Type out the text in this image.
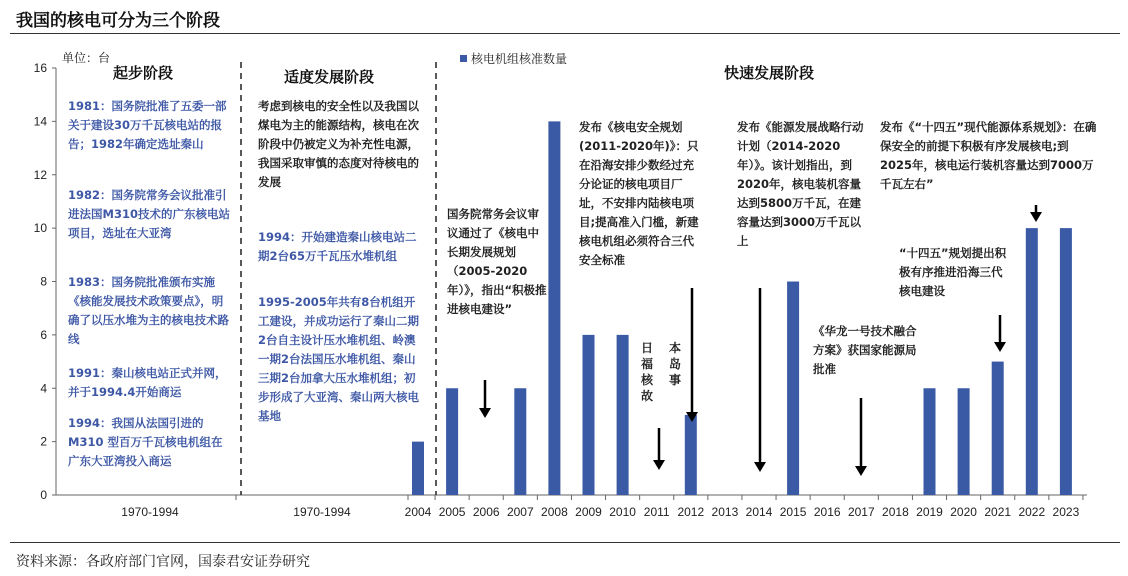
我国的核电可分为三个阶段
0
2
4
6
8
10
12
14
16
单位：台
1970-1994	1970-1994	2004 2005 2006 2007 2008 2009 2010 2011 2012 2013 2014 2015 2016 2017 2018 2019 2020 2021 2022 2023
核电机组核准数量
起步阶段	适度发展阶段	快速发展阶段
1981：国务院批准了五委一部关于建设30万千瓦核电站的报告；1982年确定选址秦山
1982：国务院常务会议批准引进法国M310技术的广东核电站项目，选址在大亚湾
1983：国务院批准颁布实施《核能发展技术政策要点》，明确了以压水堆为主的核电技术路线
1991：秦山核电站正式并网，并于1994.4开始商运
1994：我国从法国引进的M310 型百万千瓦核电机组在广东大亚湾投入商运
考虑到核电的安全性以及我国以煤电为主的能源结构，核电在次阶段中仍被定义为补充性电源，我国采取审慎的态度对待核电的发展
1994：开始建造秦山核电站二期2台65万千瓦压水堆机组
1995-2005年共有8台机组开工建设，并成功运行了秦山二期2台自主设计压水堆机组、岭澳一期2台法国压水堆机组、秦山三期2台加拿大压水堆机组；初步形成了大亚湾、秦山两大核电基地
国务院常务会议审议通过了《核电中长期发展规划（2005-2020年）》，指出“积极推进核电建设”
发布《核电安全规划(2011-2020年)》：只在沿海安排少数经过充分论证的核电项目厂址，不安排内陆核电项目;提高准入门槛，新建核电机组必须符合三代安全标准
日福核故
本岛事
发布《能源发展战略行动计划（2014-2020年）》。该计划指出，到2020年，核电装机容量达到5800万千瓦，在建容量达到3000万千瓦以上
《华龙一号技术融合方案》获国家能源局批准
“十四五”规划提出积极有序推进沿海三代核电建设
发布《“十四五”现代能源体系规划》：在确保安全的前提下积极有序发展核电;到2025年，核电运行装机容量达到7000万千瓦左右”
资料来源：各政府部门官网，国泰君安证券研究
